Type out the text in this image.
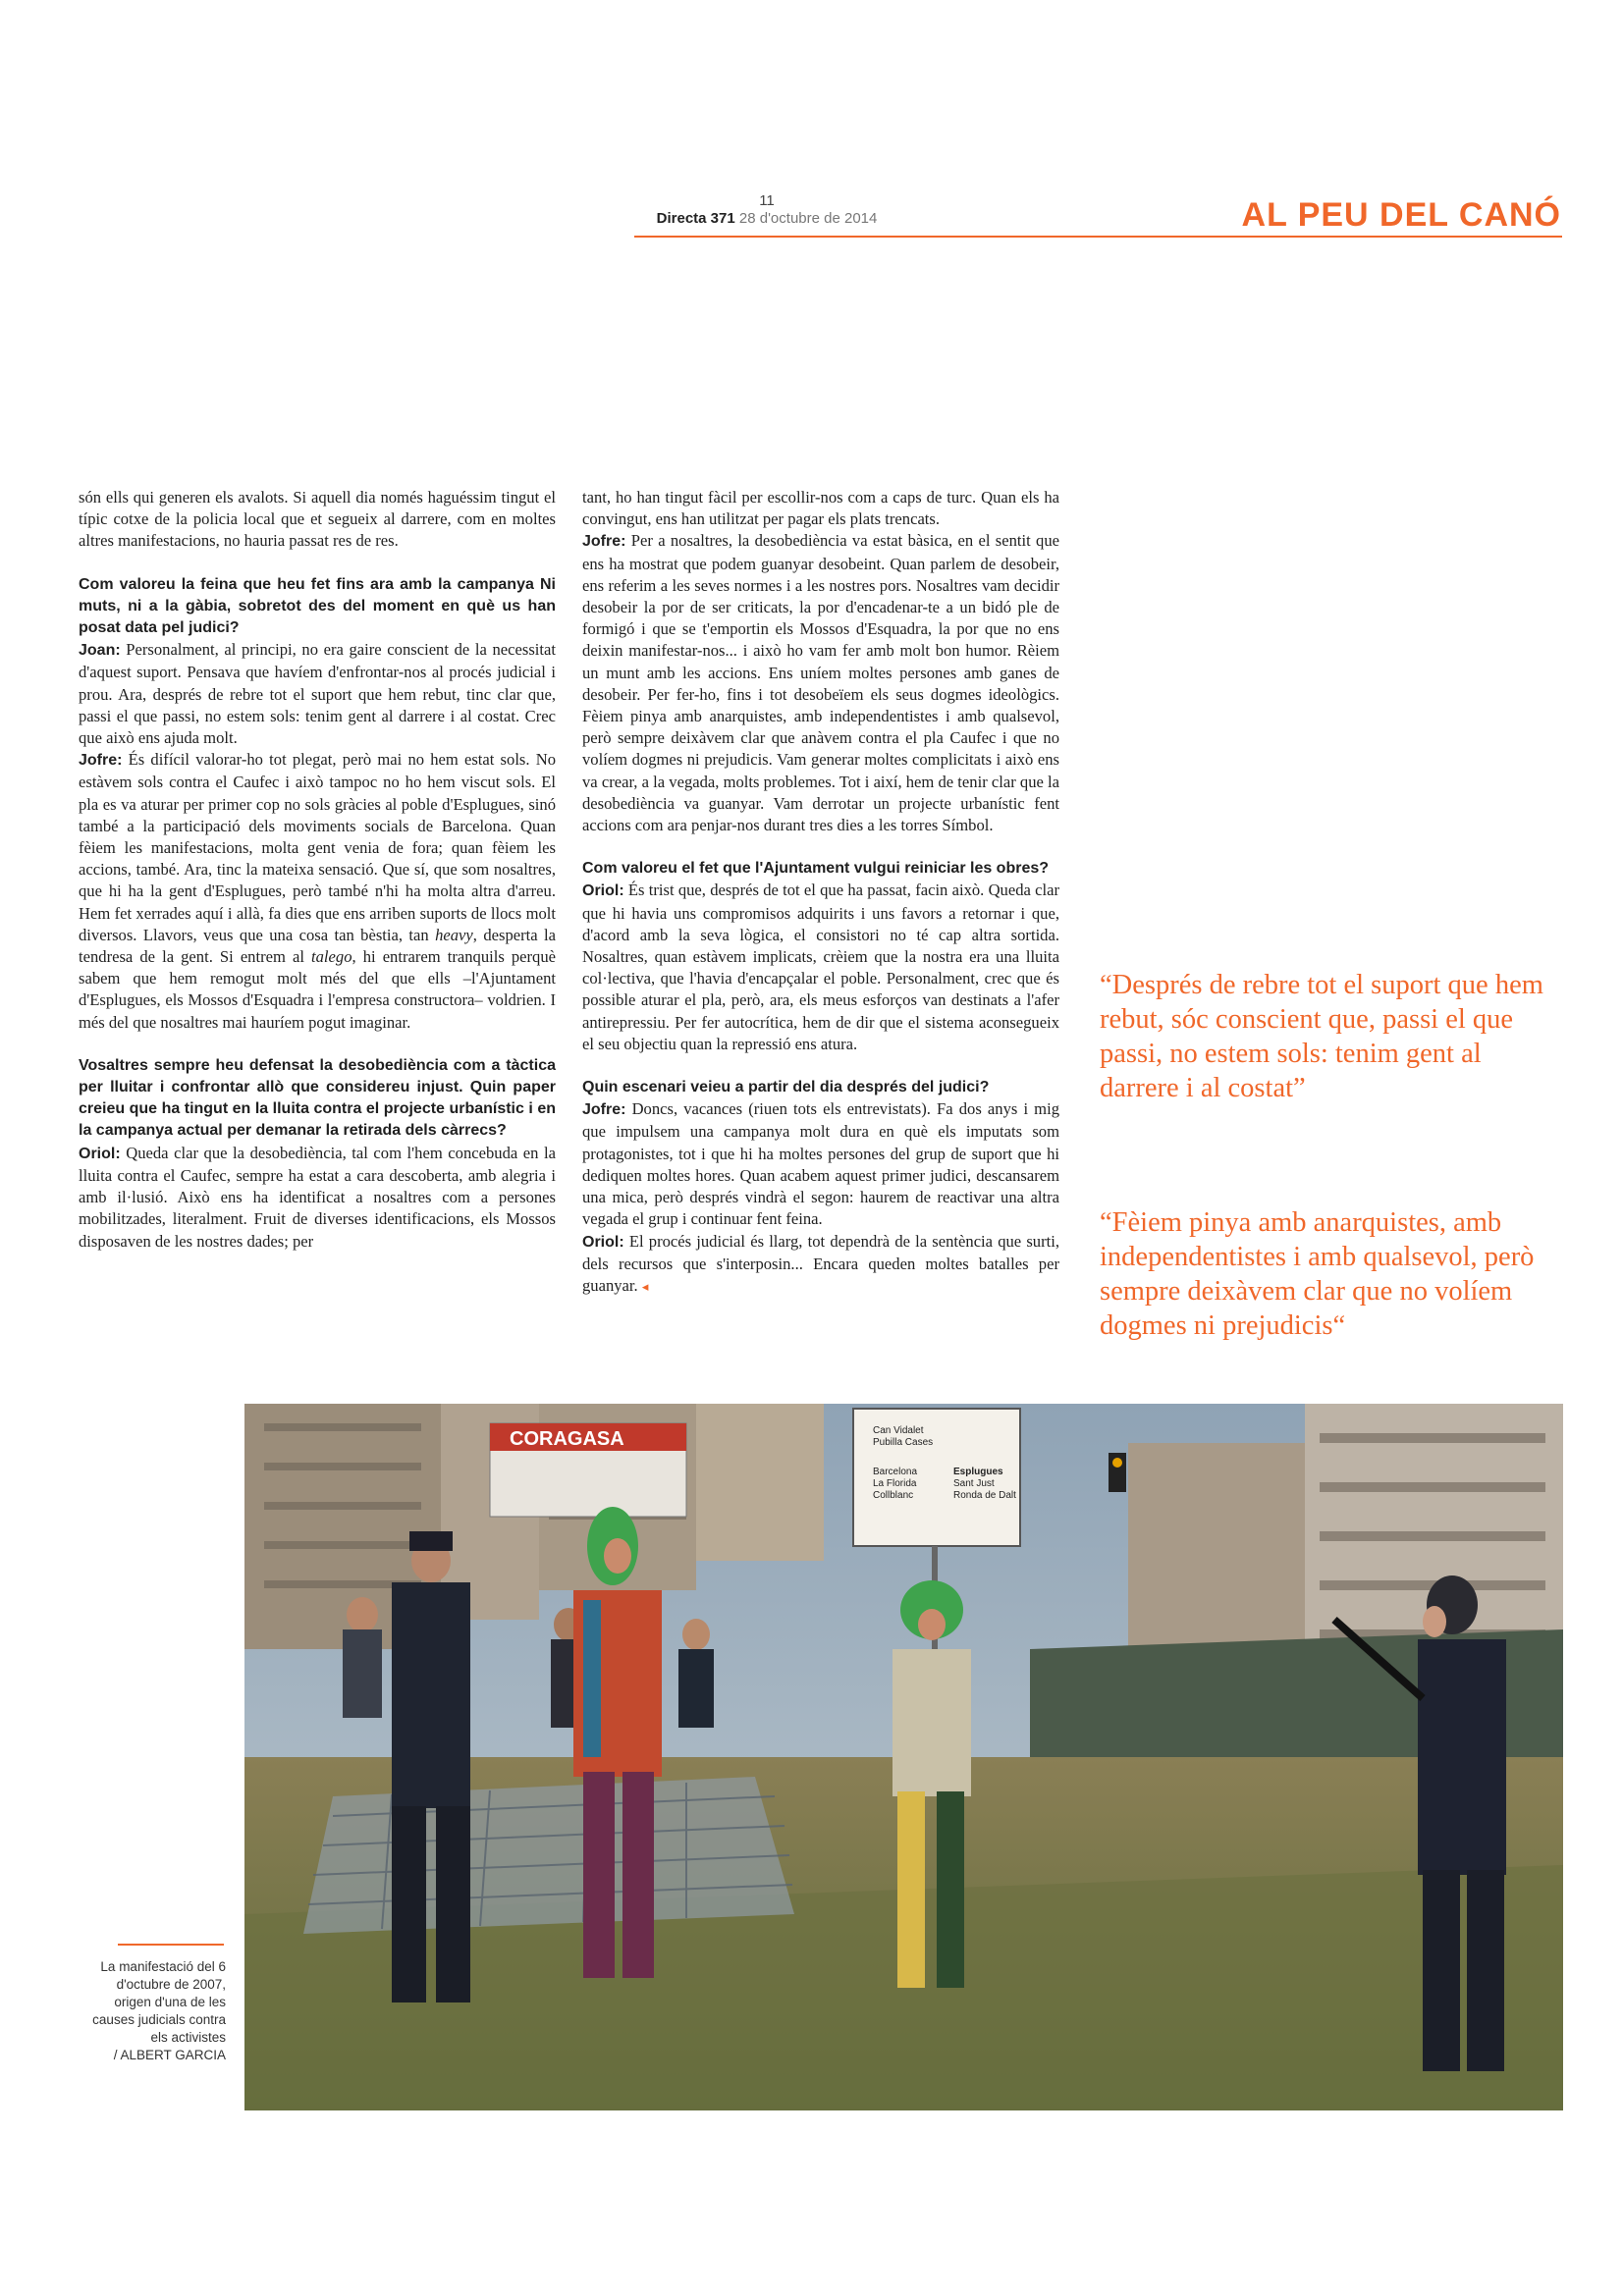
11
Directa 371 28 d'octubre de 2014	AL PEU DEL CANÓ

són ells qui generen els avalots. Si aquell dia només haguéssim tingut el típic cotxe de la policia local que et segueix al darrere, com en moltes altres manifestacions, no hauria passat res de res.

Com valoreu la feina que heu fet fins ara amb la campanya Ni muts, ni a la gàbia, sobretot des del moment en què us han posat data pel judici?

Joan: Personalment, al principi, no era gaire conscient de la necessitat d'aquest suport. Pensava que havíem d'enfrontar-nos al procés judicial i prou. Ara, després de rebre tot el suport que hem rebut, tinc clar que, passi el que passi, no estem sols: tenim gent al darrere i al costat. Crec que això ens ajuda molt.

Jofre: És difícil valorar-ho tot plegat, però mai no hem estat sols. No estàvem sols contra el Caufec i això tampoc no ho hem viscut sols. El pla es va aturar per primer cop no sols gràcies al poble d'Esplugues, sinó també a la participació dels moviments socials de Barcelona. Quan fèiem les manifestacions, molta gent venia de fora; quan fèiem les accions, també. Ara, tinc la mateixa sensació. Que sí, que som nosaltres, que hi ha la gent d'Esplugues, però també n'hi ha molta altra d'arreu. Hem fet xerrades aquí i allà, fa dies que ens arriben suports de llocs molt diversos. Llavors, veus que una cosa tan bèstia, tan heavy, desperta la tendresa de la gent. Si entrem al talego, hi entrarem tranquils perquè sabem que hem remogut molt més del que ells –l'Ajuntament d'Esplugues, els Mossos d'Esquadra i l'empresa constructora– voldrien. I més del que nosaltres mai hauríem pogut imaginar.

Vosaltres sempre heu defensat la desobediència com a tàctica per lluitar i confrontar allò que considereu injust. Quin paper creieu que ha tingut en la lluita contra el projecte urbanístic i en la campanya actual per demanar la retirada dels càrrecs?

Oriol: Queda clar que la desobediència, tal com l'hem concebuda en la lluita contra el Caufec, sempre ha estat a cara descoberta, amb alegria i amb il·lusió. Això ens ha identificat a nosaltres com a persones mobilitzades, literalment. Fruit de diverses identificacions, els Mossos disposaven de les nostres dades; per

tant, ho han tingut fàcil per escollir-nos com a caps de turc. Quan els ha convingut, ens han utilitzat per pagar els plats trencats.

Jofre: Per a nosaltres, la desobediència va estat bàsica, en el sentit que ens ha mostrat que podem guanyar desobeint. Quan parlem de desobeir, ens referim a les seves normes i a les nostres pors. Nosaltres vam decidir desobeir la por de ser criticats, la por d'encadenar-te a un bidó ple de formigó i que se t'emportin els Mossos d'Esquadra, la por que no ens deixin manifestar-nos... i això ho vam fer amb molt bon humor. Rèiem un munt amb les accions. Ens uníem moltes persones amb ganes de desobeir. Per fer-ho, fins i tot desobeïem els seus dogmes ideològics. Fèiem pinya amb anarquistes, amb independentistes i amb qualsevol, però sempre deixàvem clar que anàvem contra el pla Caufec i que no volíem dogmes ni prejudicis. Vam generar moltes complicitats i això ens va crear, a la vegada, molts problemes. Tot i així, hem de tenir clar que la desobediència va guanyar. Vam derrotar un projecte urbanístic fent accions com ara penjar-nos durant tres dies a les torres Símbol.

Com valoreu el fet que l'Ajuntament vulgui reiniciar les obres?

Oriol: És trist que, després de tot el que ha passat, facin això. Queda clar que hi havia uns compromisos adquirits i uns favors a retornar i que, d'acord amb la seva lògica, el consistori no té cap altra sortida. Nosaltres, quan estàvem implicats, crèiem que la nostra era una lluita col·lectiva, que l'havia d'encapçalar el poble. Personalment, crec que és possible aturar el pla, però, ara, els meus esforços van destinats a l'afer antirepressiu. Per fer autocrítica, hem de dir que el sistema aconsegueix el seu objectiu quan la repressió ens atura.

Quin escenari veieu a partir del dia després del judici?

Jofre: Doncs, vacances (riuen tots els entrevistats). Fa dos anys i mig que impulsem una campanya molt dura en què els imputats som protagonistes, tot i que hi ha moltes persones del grup de suport que hi dediquen moltes hores. Quan acabem aquest primer judici, descansarem una mica, però després vindrà el segon: haurem de reactivar una altra vegada el grup i continuar fent feina.

Oriol: El procés judicial és llarg, tot dependrà de la sentència que surti, dels recursos que s'interposin... Encara queden moltes batalles per guanyar. ◂

“Després de rebre tot el suport que hem rebut, sóc conscient que, passi el que passi, no estem sols: tenim gent al darrere i al costat”
“Fèiem pinya amb anarquistes, amb independentistes i amb qualsevol, però sempre deixàvem clar que no volíem dogmes ni prejudicis“
CORAGASA	Can Vidalet
Pubilla Cases
Barcelona
La Florida
Collblanc
Esplugues
Sant Just
Ronda de Dalt
La manifestació del 6 d'octubre de 2007, origen d'una de les causes judicials contra els activistes
/ ALBERT GARCIA
